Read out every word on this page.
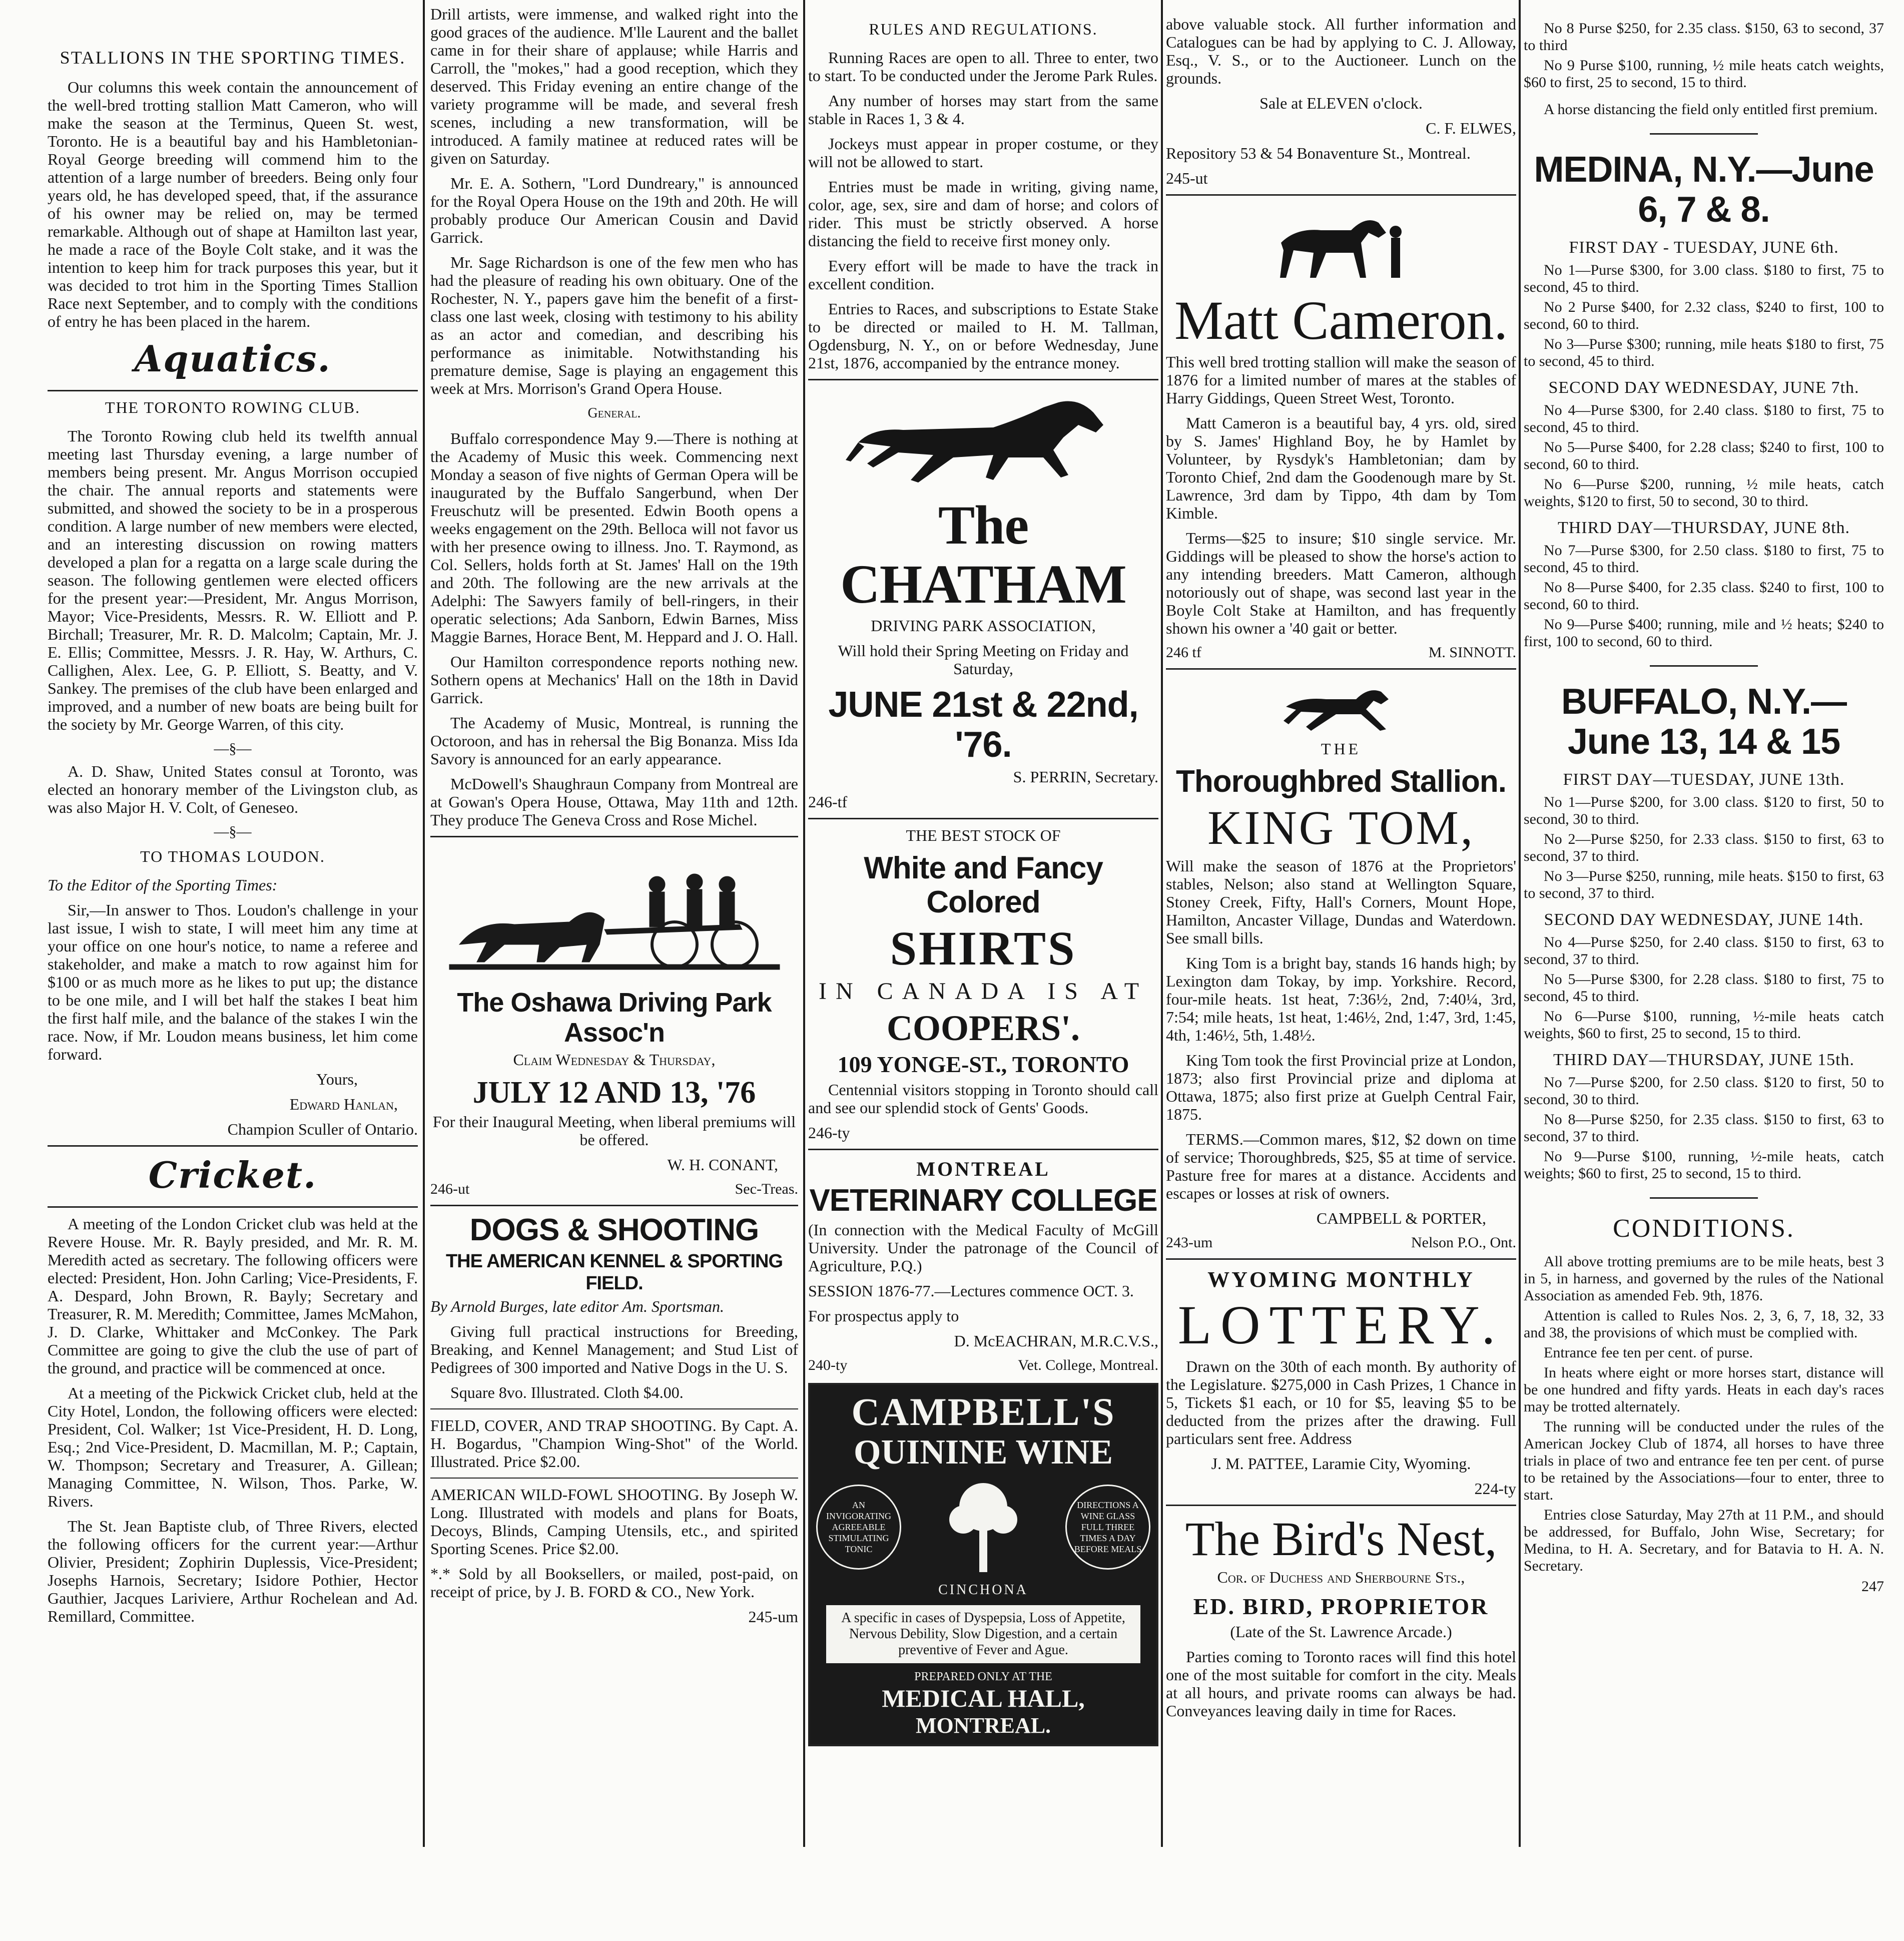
STALLIONS IN THE SPORTING TIMES.

Our columns this week contain the announcement of the well-bred trotting stallion Matt Cameron, who will make the season at the Terminus, Queen St. west, Toronto. He is a beautiful bay and his Hambletonian-Royal George breeding will commend him to the attention of a large number of breeders. Being only four years old, he has developed speed, that, if the assurance of his owner may be relied on, may be termed remarkable. Although out of shape at Hamilton last year, he made a race of the Boyle Colt stake, and it was the intention to keep him for track purposes this year, but it was decided to trot him in the Sporting Times Stallion Race next September, and to comply with the conditions of entry he has been placed in the harem.

Aquatics.
THE TORONTO ROWING CLUB.

The Toronto Rowing club held its twelfth annual meeting last Thursday evening, a large number of members being present. Mr. Angus Morrison occupied the chair. The annual reports and statements were submitted, and showed the society to be in a prosperous condition. A large number of new members were elected, and an interesting discussion on rowing matters developed a plan for a regatta on a large scale during the season. The following gentlemen were elected officers for the present year:—President, Mr. Angus Morrison, Mayor; Vice-Presidents, Messrs. R. W. Elliott and P. Birchall; Treasurer, Mr. R. D. Malcolm; Captain, Mr. J. E. Ellis; Committee, Messrs. J. R. Hay, W. Arthurs, C. Callighen, Alex. Lee, G. P. Elliott, S. Beatty, and V. Sankey. The premises of the club have been enlarged and improved, and a number of new boats are being built for the society by Mr. George Warren, of this city.

—§—

A. D. Shaw, United States consul at Toronto, was elected an honorary member of the Livingston club, as was also Major H. V. Colt, of Geneseo.

—§—
TO THOMAS LOUDON.

To the Editor of the Sporting Times:

Sir,—In answer to Thos. Loudon's challenge in your last issue, I wish to state, I will meet him any time at your office on one hour's notice, to name a referee and stakeholder, and make a match to row against him for $100 or as much more as he likes to put up; the distance to be one mile, and I will bet half the stakes I beat him the first half mile, and the balance of the stakes I win the race. Now, if Mr. Loudon means business, let him come forward.

Yours,

Edward Hanlan,

Champion Sculler of Ontario.

Cricket.

A meeting of the London Cricket club was held at the Revere House. Mr. R. Bayly presided, and Mr. R. M. Meredith acted as secretary. The following officers were elected: President, Hon. John Carling; Vice-Presidents, F. A. Despard, John Brown, R. Bayly; Secretary and Treasurer, R. M. Meredith; Committee, James McMahon, J. D. Clarke, Whittaker and McConkey. The Park Committee are going to give the club the use of part of the ground, and practice will be commenced at once.

At a meeting of the Pickwick Cricket club, held at the City Hotel, London, the following officers were elected: President, Col. Walker; 1st Vice-President, H. D. Long, Esq.; 2nd Vice-President, D. Macmillan, M. P.; Captain, W. Thompson; Secretary and Treasurer, A. Gillean; Managing Committee, N. Wilson, Thos. Parke, W. Rivers.

The St. Jean Baptiste club, of Three Rivers, elected the following officers for the current year:—Arthur Olivier, President; Zophirin Duplessis, Vice-President; Josephs Harnois, Secretary; Isidore Pothier, Hector Gauthier, Jacques Lariviere, Arthur Rochelean and Ad. Remillard, Committee.

Drill artists, were immense, and walked right into the good graces of the audience. M'lle Laurent and the ballet came in for their share of applause; while Harris and Carroll, the "mokes," had a good reception, which they deserved. This Friday evening an entire change of the variety programme will be made, and several fresh scenes, including a new transformation, will be introduced. A family matinee at reduced rates will be given on Saturday.

Mr. E. A. Sothern, "Lord Dundreary," is announced for the Royal Opera House on the 19th and 20th. He will probably produce Our American Cousin and David Garrick.

Mr. Sage Richardson is one of the few men who has had the pleasure of reading his own obituary. One of the Rochester, N. Y., papers gave him the benefit of a first-class one last week, closing with testimony to his ability as an actor and comedian, and describing his performance as inimitable. Notwithstanding his premature demise, Sage is playing an engagement this week at Mrs. Morrison's Grand Opera House.

General.

Buffalo correspondence May 9.—There is nothing at the Academy of Music this week. Commencing next Monday a season of five nights of German Opera will be inaugurated by the Buffalo Sangerbund, when Der Freuschutz will be presented. Edwin Booth opens a weeks engagement on the 29th. Belloca will not favor us with her presence owing to illness. Jno. T. Raymond, as Col. Sellers, holds forth at St. James' Hall on the 19th and 20th. The following are the new arrivals at the Adelphi: The Sawyers family of bell-ringers, in their operatic selections; Ada Sanborn, Edwin Barnes, Miss Maggie Barnes, Horace Bent, M. Heppard and J. O. Hall.

Our Hamilton correspondence reports nothing new. Sothern opens at Mechanics' Hall on the 18th in David Garrick.

The Academy of Music, Montreal, is running the Octoroon, and has in rehersal the Big Bonanza. Miss Ida Savory is announced for an early appearance.

McDowell's Shaughraun Company from Montreal are at Gowan's Opera House, Ottawa, May 11th and 12th. They produce The Geneva Cross and Rose Michel.

The Oshawa Driving Park Assoc'n

Claim Wednesday & Thursday,

JULY 12 AND 13, '76

For their Inaugural Meeting, when liberal premiums will be offered.

W. H. CONANT,

246-ut	Sec-Treas.
DOGS & SHOOTING
THE AMERICAN KENNEL & SPORTING FIELD.

By Arnold Burges, late editor Am. Sportsman.

Giving full practical instructions for Breeding, Breaking, and Kennel Management; and Stud List of Pedigrees of 300 imported and Native Dogs in the U. S.

Square 8vo. Illustrated. Cloth $4.00.

FIELD, COVER, AND TRAP SHOOTING. By Capt. A. H. Bogardus, "Champion Wing-Shot" of the World. Illustrated. Price $2.00.

AMERICAN WILD-FOWL SHOOTING. By Joseph W. Long. Illustrated with models and plans for Boats, Decoys, Blinds, Camping Utensils, etc., and spirited Sporting Scenes. Price $2.00.

*.* Sold by all Booksellers, or mailed, post-paid, on receipt of price, by J. B. FORD & CO., New York.

245-um

RULES AND REGULATIONS.

Running Races are open to all. Three to enter, two to start. To be conducted under the Jerome Park Rules.

Any number of horses may start from the same stable in Races 1, 3 & 4.

Jockeys must appear in proper costume, or they will not be allowed to start.

Entries must be made in writing, giving name, color, age, sex, sire and dam of horse; and colors of rider. This must be strictly observed. A horse distancing the field to receive first money only.

Every effort will be made to have the track in excellent condition.

Entries to Races, and subscriptions to Estate Stake to be directed or mailed to H. M. Tallman, Ogdensburg, N. Y., on or before Wednesday, June 21st, 1876, accompanied by the entrance money.

The CHATHAM

DRIVING PARK ASSOCIATION,

Will hold their Spring Meeting on Friday and Saturday,

JUNE 21st & 22nd, '76.

S. PERRIN, Secretary.

246-tf

THE BEST STOCK OF

White and Fancy Colored
SHIRTS
IN CANADA IS AT
COOPERS'.
109 YONGE-ST., TORONTO

Centennial visitors stopping in Toronto should call and see our splendid stock of Gents' Goods.

246-ty

MONTREAL
VETERINARY COLLEGE

(In connection with the Medical Faculty of McGill University. Under the patronage of the Council of Agriculture, P.Q.)

SESSION 1876-77.—Lectures commence OCT. 3.

For prospectus apply to

D. McEACHRAN, M.R.C.V.S.,

240-ty	Vet. College, Montreal.
CAMPBELL'S
QUININE WINE
AN INVIGORATING AGREEABLE STIMULATING TONIC
DIRECTIONS A WINE GLASS FULL THREE TIMES A DAY BEFORE MEALS
CINCHONA
A specific in cases of Dyspepsia, Loss of Appetite, Nervous Debility, Slow Digestion, and a certain preventive of Fever and Ague.
PREPARED ONLY AT THE
MEDICAL HALL,
MONTREAL.

above valuable stock. All further information and Catalogues can be had by applying to C. J. Alloway, Esq., V. S., or to the Auctioneer. Lunch on the grounds.

Sale at ELEVEN o'clock.

C. F. ELWES,

Repository 53 & 54 Bonaventure St., Montreal.

245-ut

Matt Cameron.

This well bred trotting stallion will make the season of 1876 for a limited number of mares at the stables of Harry Giddings, Queen Street West, Toronto.

Matt Cameron is a beautiful bay, 4 yrs. old, sired by S. James' Highland Boy, he by Hamlet by Volunteer, by Rysdyk's Hambletonian; dam by Toronto Chief, 2nd dam the Goodenough mare by St. Lawrence, 3rd dam by Tippo, 4th dam by Tom Kimble.

Terms—$25 to insure; $10 single service. Mr. Giddings will be pleased to show the horse's action to any intending breeders. Matt Cameron, although notoriously out of shape, was second last year in the Boyle Colt Stake at Hamilton, and has frequently shown his owner a '40 gait or better.

246 tf	M. SINNOTT.

THE

Thoroughbred Stallion.
KING TOM,

Will make the season of 1876 at the Proprietors' stables, Nelson; also stand at Wellington Square, Stoney Creek, Fifty, Hall's Corners, Mount Hope, Hamilton, Ancaster Village, Dundas and Waterdown. See small bills.

King Tom is a bright bay, stands 16 hands high; by Lexington dam Tokay, by imp. Yorkshire. Record, four-mile heats. 1st heat, 7:36½, 2nd, 7:40¼, 3rd, 7:54; mile heats, 1st heat, 1:46½, 2nd, 1:47, 3rd, 1:45, 4th, 1:46½, 5th, 1.48½.

King Tom took the first Provincial prize at London, 1873; also first Provincial prize and diploma at Ottawa, 1875; also first prize at Guelph Central Fair, 1875.

TERMS.—Common mares, $12, $2 down on time of service; Thoroughbreds, $25, $5 at time of service. Pasture free for mares at a distance. Accidents and escapes or losses at risk of owners.

CAMPBELL & PORTER,

243-um	Nelson P.O., Ont.
WYOMING MONTHLY
LOTTERY.

Drawn on the 30th of each month. By authority of the Legislature. $275,000 in Cash Prizes, 1 Chance in 5, Tickets $1 each, or 10 for $5, leaving $5 to be deducted from the prizes after the drawing. Full particulars sent free. Address

J. M. PATTEE, Laramie City, Wyoming.

224-ty

The Bird's Nest,

Cor. of Duchess and Sherbourne Sts.,

ED. BIRD, PROPRIETOR

(Late of the St. Lawrence Arcade.)

Parties coming to Toronto races will find this hotel one of the most suitable for comfort in the city. Meals at all hours, and private rooms can always be had. Conveyances leaving daily in time for Races.

No 8 Purse $250, for 2.35 class. $150, 63 to second, 37 to third

No 9 Purse $100, running, ½ mile heats catch weights, $60 to first, 25 to second, 15 to third.

A horse distancing the field only entitled first premium.

MEDINA, N.Y.—June 6, 7 & 8.

FIRST DAY - TUESDAY, JUNE 6th.

No 1—Purse $300, for 3.00 class. $180 to first, 75 to second, 45 to third.

No 2 Purse $400, for 2.32 class, $240 to first, 100 to second, 60 to third.

No 3—Purse $300; running, mile heats $180 to first, 75 to second, 45 to third.

SECOND DAY WEDNESDAY, JUNE 7th.

No 4—Purse $300, for 2.40 class. $180 to first, 75 to second, 45 to third.

No 5—Purse $400, for 2.28 class; $240 to first, 100 to second, 60 to third.

No 6—Purse $200, running, ½ mile heats, catch weights, $120 to first, 50 to second, 30 to third.

THIRD DAY—THURSDAY, JUNE 8th.

No 7—Purse $300, for 2.50 class. $180 to first, 75 to second, 45 to third.

No 8—Purse $400, for 2.35 class. $240 to first, 100 to second, 60 to third.

No 9—Purse $400; running, mile and ½ heats; $240 to first, 100 to second, 60 to third.

BUFFALO, N.Y.—June 13, 14 & 15

FIRST DAY—TUESDAY, JUNE 13th.

No 1—Purse $200, for 3.00 class. $120 to first, 50 to second, 30 to third.

No 2—Purse $250, for 2.33 class. $150 to first, 63 to second, 37 to third.

No 3—Purse $250, running, mile heats. $150 to first, 63 to second, 37 to third.

SECOND DAY WEDNESDAY, JUNE 14th.

No 4—Purse $250, for 2.40 class. $150 to first, 63 to second, 37 to third.

No 5—Purse $300, for 2.28 class. $180 to first, 75 to second, 45 to third.

No 6—Purse $100, running, ½-mile heats catch weights, $60 to first, 25 to second, 15 to third.

THIRD DAY—THURSDAY, JUNE 15th.

No 7—Purse $200, for 2.50 class. $120 to first, 50 to second, 30 to third.

No 8—Purse $250, for 2.35 class. $150 to first, 63 to second, 37 to third.

No 9—Purse $100, running, ½-mile heats, catch weights; $60 to first, 25 to second, 15 to third.

CONDITIONS.

All above trotting premiums are to be mile heats, best 3 in 5, in harness, and governed by the rules of the National Association as amended Feb. 9th, 1876.

Attention is called to Rules Nos. 2, 3, 6, 7, 18, 32, 33 and 38, the provisions of which must be complied with.

Entrance fee ten per cent. of purse.

In heats where eight or more horses start, distance will be one hundred and fifty yards. Heats in each day's races may be trotted alternately.

The running will be conducted under the rules of the American Jockey Club of 1874, all horses to have three trials in place of two and entrance fee ten per cent. of purse to be retained by the Associations—four to enter, three to start.

Entries close Saturday, May 27th at 11 P.M., and should be addressed, for Buffalo, John Wise, Secretary; for Medina, to H. A. Secretary, and for Batavia to H. A. N. Secretary.

247
